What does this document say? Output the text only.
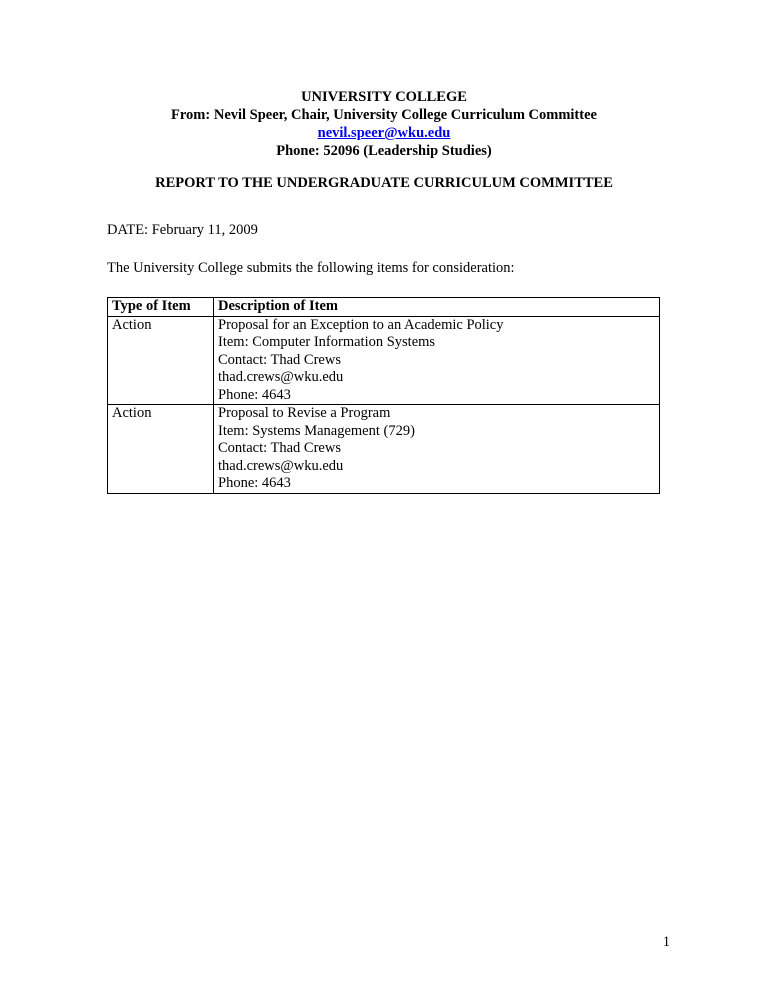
UNIVERSITY COLLEGE
From: Nevil Speer, Chair, University College Curriculum Committee
nevil.speer@wku.edu
Phone: 52096 (Leadership Studies)
REPORT TO THE UNDERGRADUATE CURRICULUM COMMITTEE
DATE: February 11, 2009
The University College submits the following items for consideration:
Type of Item	Description of Item
Action	Proposal for an Exception to an Academic Policy
Item: Computer Information Systems
Contact: Thad Crews
thad.crews@wku.edu
Phone: 4643

Action	Proposal to Revise a Program
Item: Systems Management (729)
Contact: Thad Crews
thad.crews@wku.edu
Phone: 4643
1
